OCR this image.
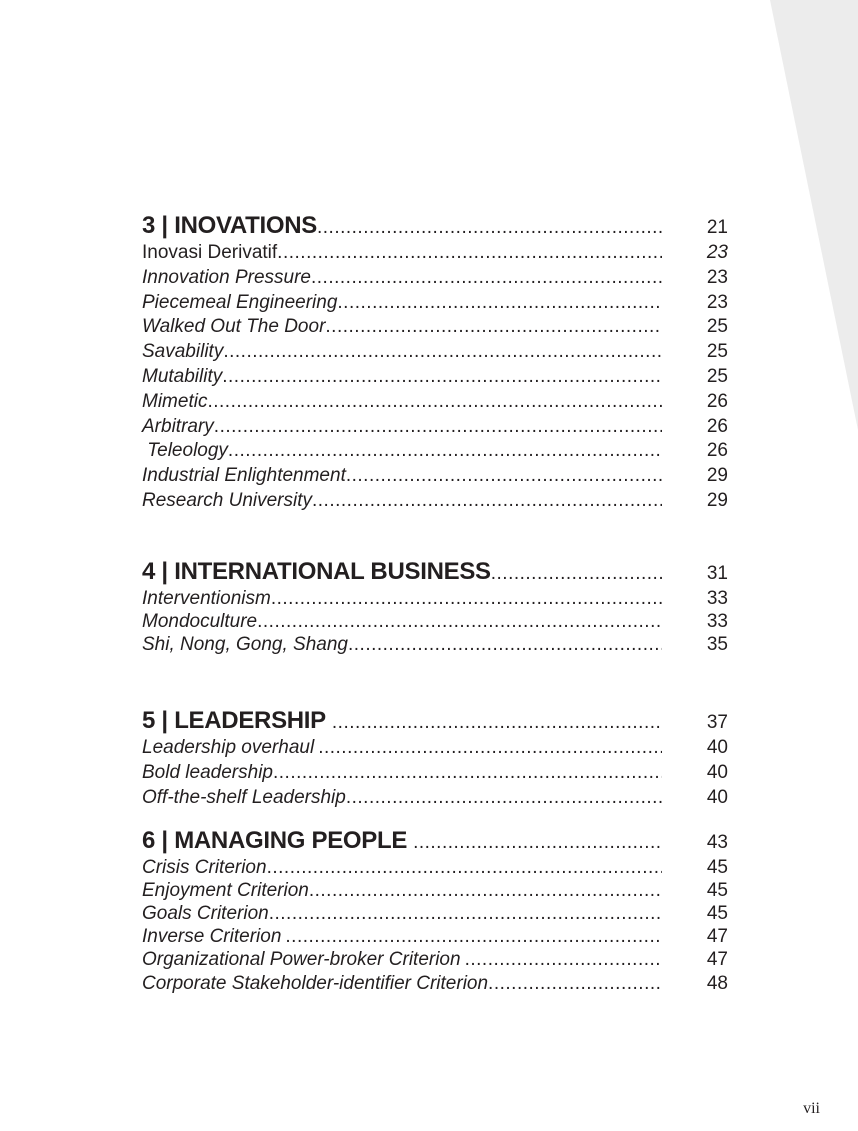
3 | INOVATIONS .....	21
Inovasi Derivatif .....	23
Innovation Pressure .....	23
Piecemeal Engineering .....	23
Walked Out The Door .....	25
Savability .....	25
Mutability .....	25
Mimetic .....	26
Arbitrary .....	26
Teleology .....	26
Industrial Enlightenment .....	29
Research University .....	29
4 | INTERNATIONAL BUSINESS .....	31
Interventionism .....	33
Mondoculture .....	33
Shi, Nong, Gong, Shang .....	35
5 | LEADERSHIP .....	37
Leadership overhaul .....	40
Bold leadership .....	40
Off-the-shelf Leadership .....	40
6 | MANAGING PEOPLE .....	43
Crisis Criterion .....	45
Enjoyment Criterion .....	45
Goals Criterion .....	45
Inverse Criterion .....	47
Organizational Power-broker Criterion .....	47
Corporate Stakeholder-identifier Criterion .....	48
vii
